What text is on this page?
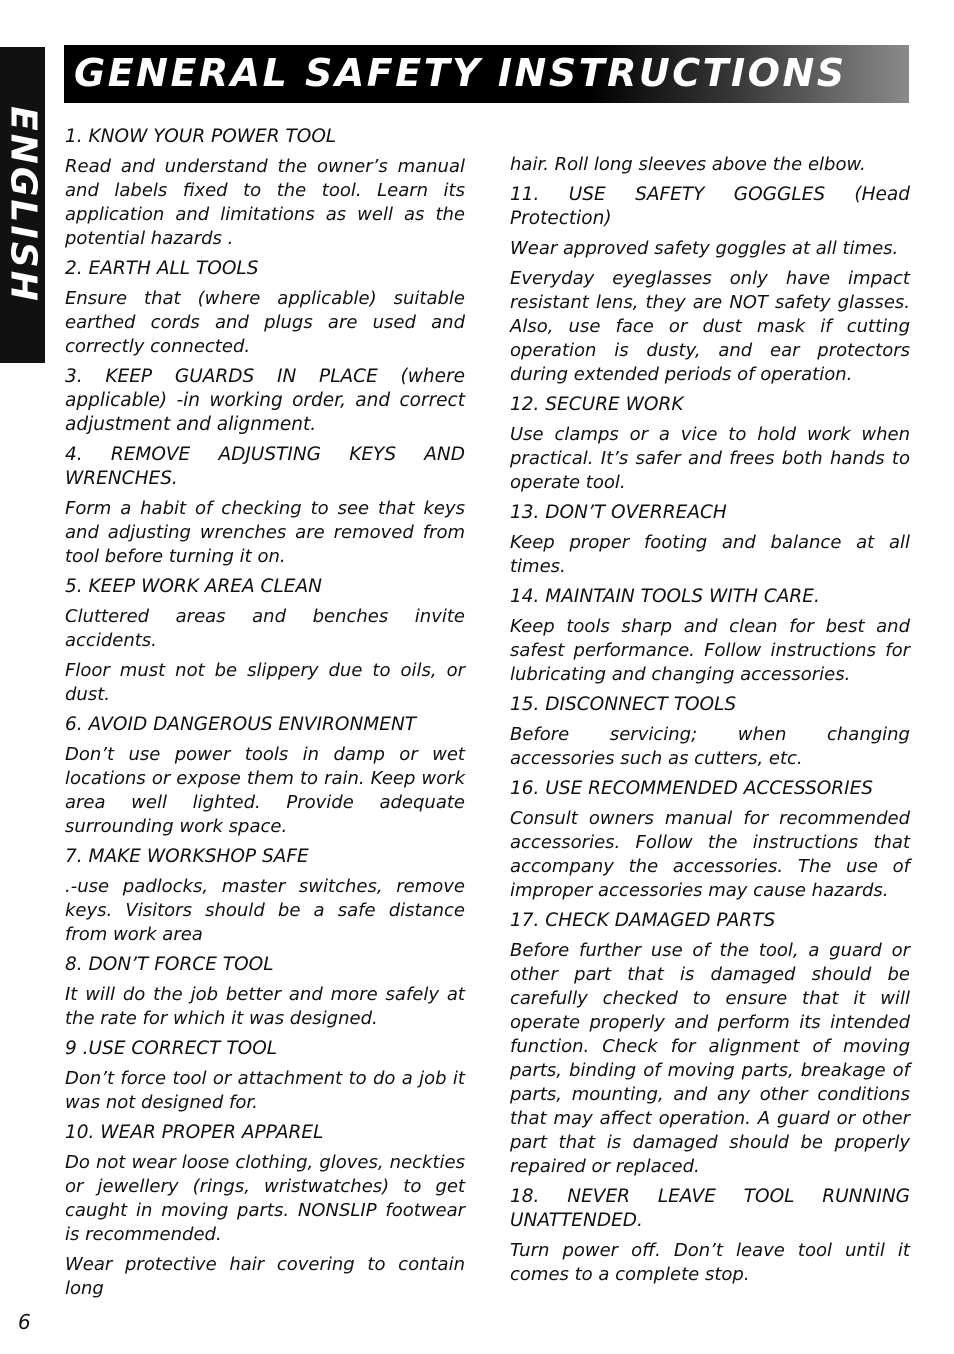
ENGLISH
GENERAL SAFETY INSTRUCTIONS

1. KNOW YOUR POWER TOOL

Read and understand the owner’s manual and labels fixed to the tool. Learn its application and limitations as well as the potential hazards .

2. EARTH ALL TOOLS

Ensure that (where applicable) suitable earthed cords and plugs are used and correctly connected.

3. KEEP GUARDS IN PLACE (where applicable) -in working order, and correct adjustment and alignment.

4. REMOVE ADJUSTING KEYS AND WRENCHES.

Form a habit of checking to see that keys and adjusting wrenches are removed from tool before turning it on.

5. KEEP WORK AREA CLEAN

Cluttered areas and benches invite accidents.

Floor must not be slippery due to oils, or dust.

6. AVOID DANGEROUS ENVIRONMENT

Don’t use power tools in damp or wet locations or expose them to rain. Keep work area well lighted. Provide adequate surrounding work space.

7. MAKE WORKSHOP SAFE

.-use padlocks, master switches, remove keys. Visitors should be a safe distance from work area

8. DON’T FORCE TOOL

It will do the job better and more safely at the rate for which it was designed.

9 .USE CORRECT TOOL

Don’t force tool or attachment to do a job it was not designed for.

10. WEAR PROPER APPAREL

Do not wear loose clothing, gloves, neckties or jewellery (rings, wristwatches) to get caught in moving parts. NONSLIP footwear is recommended.

Wear protective hair covering to contain long

hair. Roll long sleeves above the elbow.

11. USE SAFETY GOGGLES (Head Protection)

Wear approved safety goggles at all times.

Everyday eyeglasses only have impact resistant lens, they are NOT safety glasses. Also, use face or dust mask if cutting operation is dusty, and ear protectors during extended periods of operation.

12. SECURE WORK

Use clamps or a vice to hold work when practical. It’s safer and frees both hands to operate tool.

13. DON’T OVERREACH

Keep proper footing and balance at all times.

14. MAINTAIN TOOLS WITH CARE.

Keep tools sharp and clean for best and safest performance. Follow instructions for lubricating and changing accessories.

15. DISCONNECT TOOLS

Before servicing; when changing accessories such as cutters, etc.

16. USE RECOMMENDED ACCESSORIES

Consult owners manual for recommended accessories. Follow the instructions that accompany the accessories. The use of improper accessories may cause hazards.

17. CHECK DAMAGED PARTS

Before further use of the tool, a guard or other part that is damaged should be carefully checked to ensure that it will operate properly and perform its intended function. Check for alignment of moving parts, binding of moving parts, breakage of parts, mounting, and any other conditions that may affect operation. A guard or other part that is damaged should be properly repaired or replaced.

18. NEVER LEAVE TOOL RUNNING UNATTENDED.

Turn power off. Don’t leave tool until it comes to a complete stop.

6
